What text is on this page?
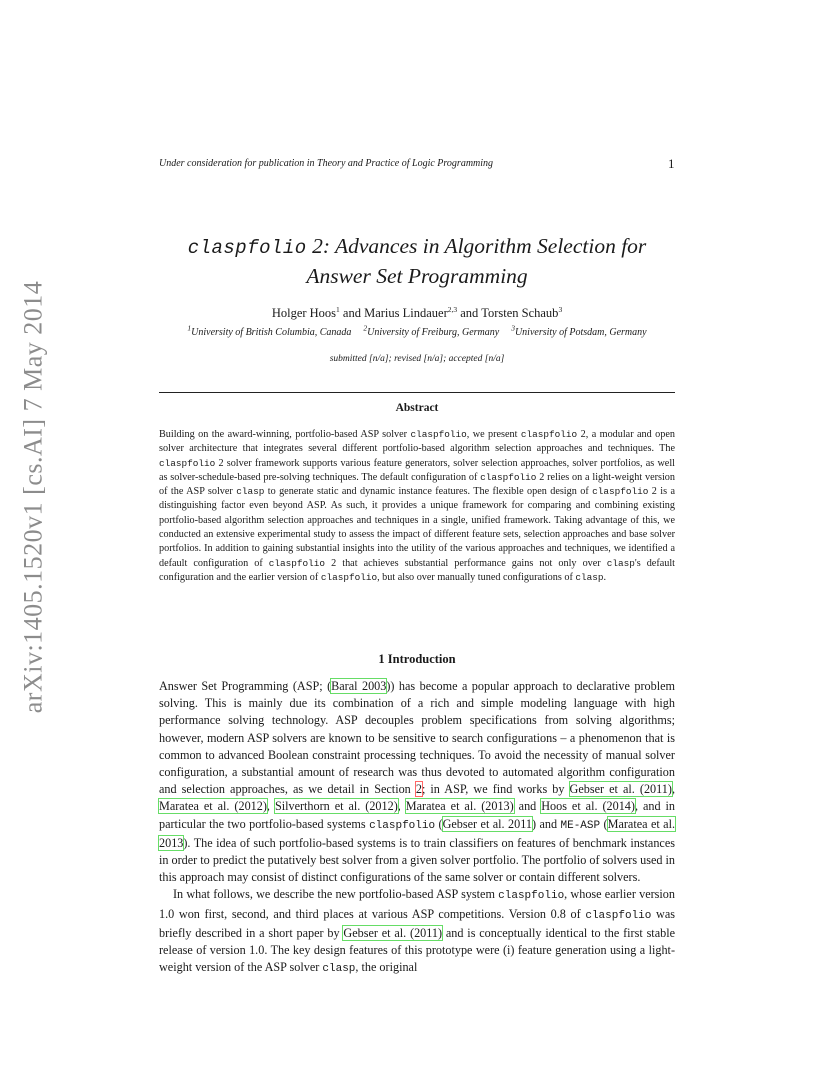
arXiv:1405.1520v1 [cs.AI] 7 May 2014
Under consideration for publication in Theory and Practice of Logic Programming	1
claspfolio 2: Advances in Algorithm Selection for
Answer Set Programming
Holger Hoos$^1$ and Marius Lindauer$^{2,3}$ and Torsten Schaub$^3$
$^1$University of British Columbia, Canada $^2$University of Freiburg, Germany $^3$University of Potsdam, Germany
submitted [n/a]; revised [n/a]; accepted [n/a]
Abstract
Building on the award-winning, portfolio-based ASP solver claspfolio, we present claspfolio 2, a modular and open solver architecture that integrates several different portfolio-based algorithm selection approaches and techniques. The claspfolio 2 solver framework supports various feature generators, solver selection approaches, solver portfolios, as well as solver-schedule-based pre-solving techniques. The default configuration of claspfolio 2 relies on a light-weight version of the ASP solver clasp to generate static and dynamic instance features. The flexible open design of claspfolio 2 is a distinguishing factor even beyond ASP. As such, it provides a unique framework for comparing and combining existing portfolio-based algorithm selection approaches and techniques in a single, unified framework. Taking advantage of this, we conducted an extensive experimental study to assess the impact of different feature sets, selection approaches and base solver portfolios. In addition to gaining substantial insights into the utility of the various approaches and techniques, we identified a default configuration of claspfolio 2 that achieves substantial performance gains not only over clasp's default configuration and the earlier version of claspfolio, but also over manually tuned configurations of clasp.
1 Introduction

Answer Set Programming (ASP; (Baral 2003)) has become a popular approach to declarative problem solving. This is mainly due its combination of a rich and simple modeling language with high performance solving technology. ASP decouples problem specifications from solving algorithms; however, modern ASP solvers are known to be sensitive to search configurations – a phenomenon that is common to advanced Boolean constraint processing techniques. To avoid the necessity of manual solver configuration, a substantial amount of research was thus devoted to automated algorithm configuration and selection approaches, as we detail in Section 2; in ASP, we find works by Gebser et al. (2011), Maratea et al. (2012), Silverthorn et al. (2012), Maratea et al. (2013) and Hoos et al. (2014), and in particular the two portfolio-based systems claspfolio (Gebser et al. 2011) and ME-ASP (Maratea et al. 2013). The idea of such portfolio-based systems is to train classifiers on features of benchmark instances in order to predict the putatively best solver from a given solver portfolio. The portfolio of solvers used in this approach may consist of distinct configurations of the same solver or contain different solvers.

In what follows, we describe the new portfolio-based ASP system claspfolio, whose earlier version 1.0 won first, second, and third places at various ASP competitions. Version 0.8 of claspfolio was briefly described in a short paper by Gebser et al. (2011) and is conceptually identical to the first stable release of version 1.0. The key design features of this prototype were (i) feature generation using a light-weight version of the ASP solver clasp, the original
